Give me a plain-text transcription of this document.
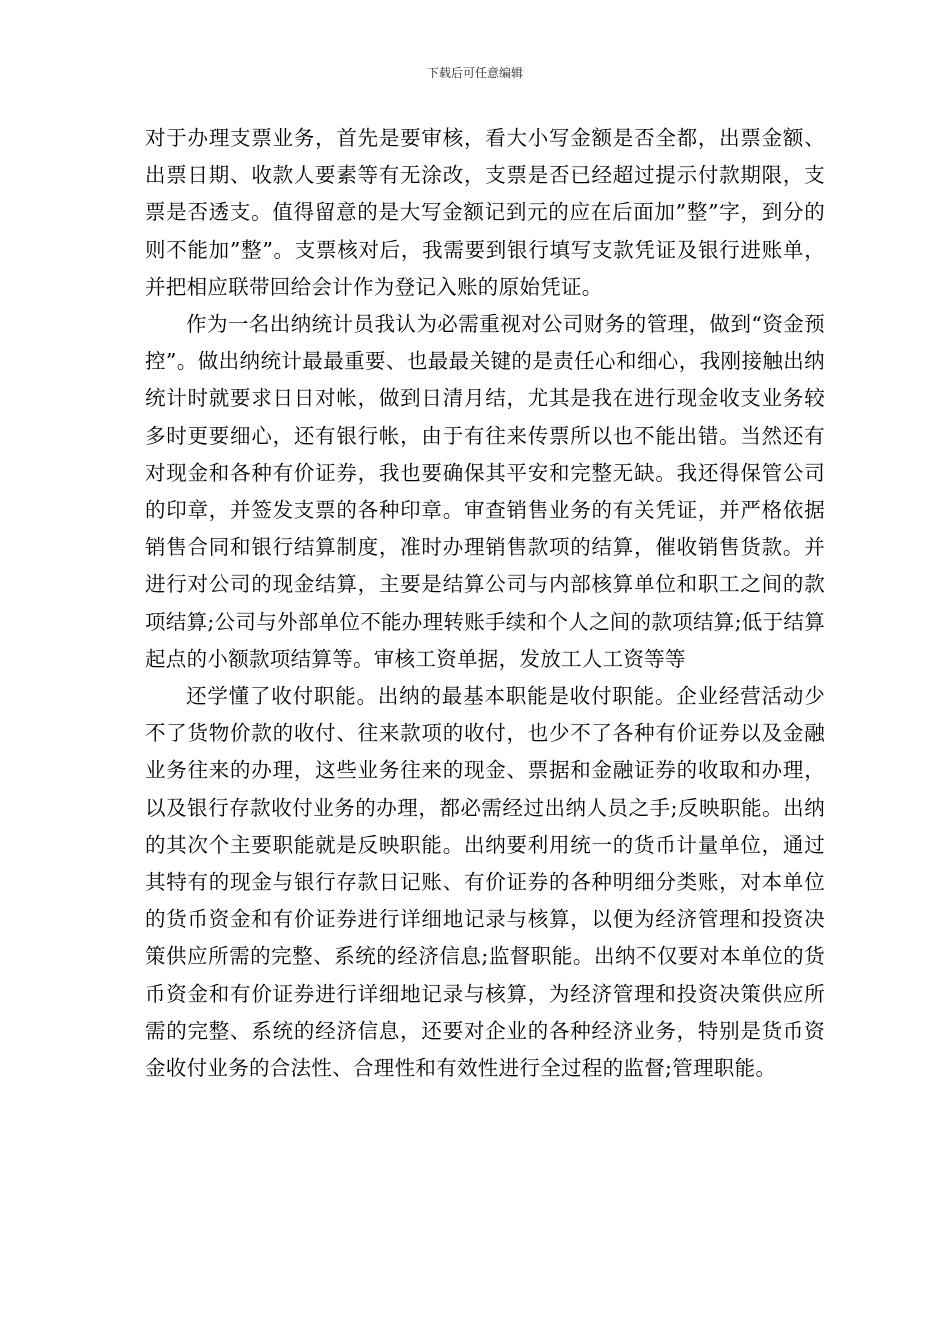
下载后可任意编辑

对于办理支票业务，首先是要审核，看大小写金额是否全都，出票金额、出票日期、收款人要素等有无涂改，支票是否已经超过提示付款期限，支票是否透支。值得留意的是大写金额记到元的应在后面加”整”字，到分的则不能加”整”。支票核对后，我需要到银行填写支款凭证及银行进账单，并把相应联带回给会计作为登记入账的原始凭证。

作为一名出纳统计员我认为必需重视对公司财务的管理，做到“资金预控”。做出纳统计最最重要、也最最关键的是责任心和细心，我刚接触出纳统计时就要求日日对帐，做到日清月结，尤其是我在进行现金收支业务较多时更要细心，还有银行帐，由于有往来传票所以也不能出错。当然还有对现金和各种有价证券，我也要确保其平安和完整无缺。我还得保管公司的印章，并签发支票的各种印章。审查销售业务的有关凭证，并严格依据销售合同和银行结算制度，准时办理销售款项的结算，催收销售货款。并进行对公司的现金结算，主要是结算公司与内部核算单位和职工之间的款项结算;公司与外部单位不能办理转账手续和个人之间的款项结算;低于结算起点的小额款项结算等。审核工资单据，发放工人工资等等

还学懂了收付职能。出纳的最基本职能是收付职能。企业经营活动少不了货物价款的收付、往来款项的收付，也少不了各种有价证券以及金融业务往来的办理，这些业务往来的现金、票据和金融证券的收取和办理，以及银行存款收付业务的办理，都必需经过出纳人员之手;反映职能。出纳的其次个主要职能就是反映职能。出纳要利用统一的货币计量单位，通过其特有的现金与银行存款日记账、有价证券的各种明细分类账，对本单位的货币资金和有价证券进行详细地记录与核算，以便为经济管理和投资决策供应所需的完整、系统的经济信息;监督职能。出纳不仅要对本单位的货币资金和有价证券进行详细地记录与核算，为经济管理和投资决策供应所需的完整、系统的经济信息，还要对企业的各种经济业务，特别是货币资金收付业务的合法性、合理性和有效性进行全过程的监督;管理职能。
